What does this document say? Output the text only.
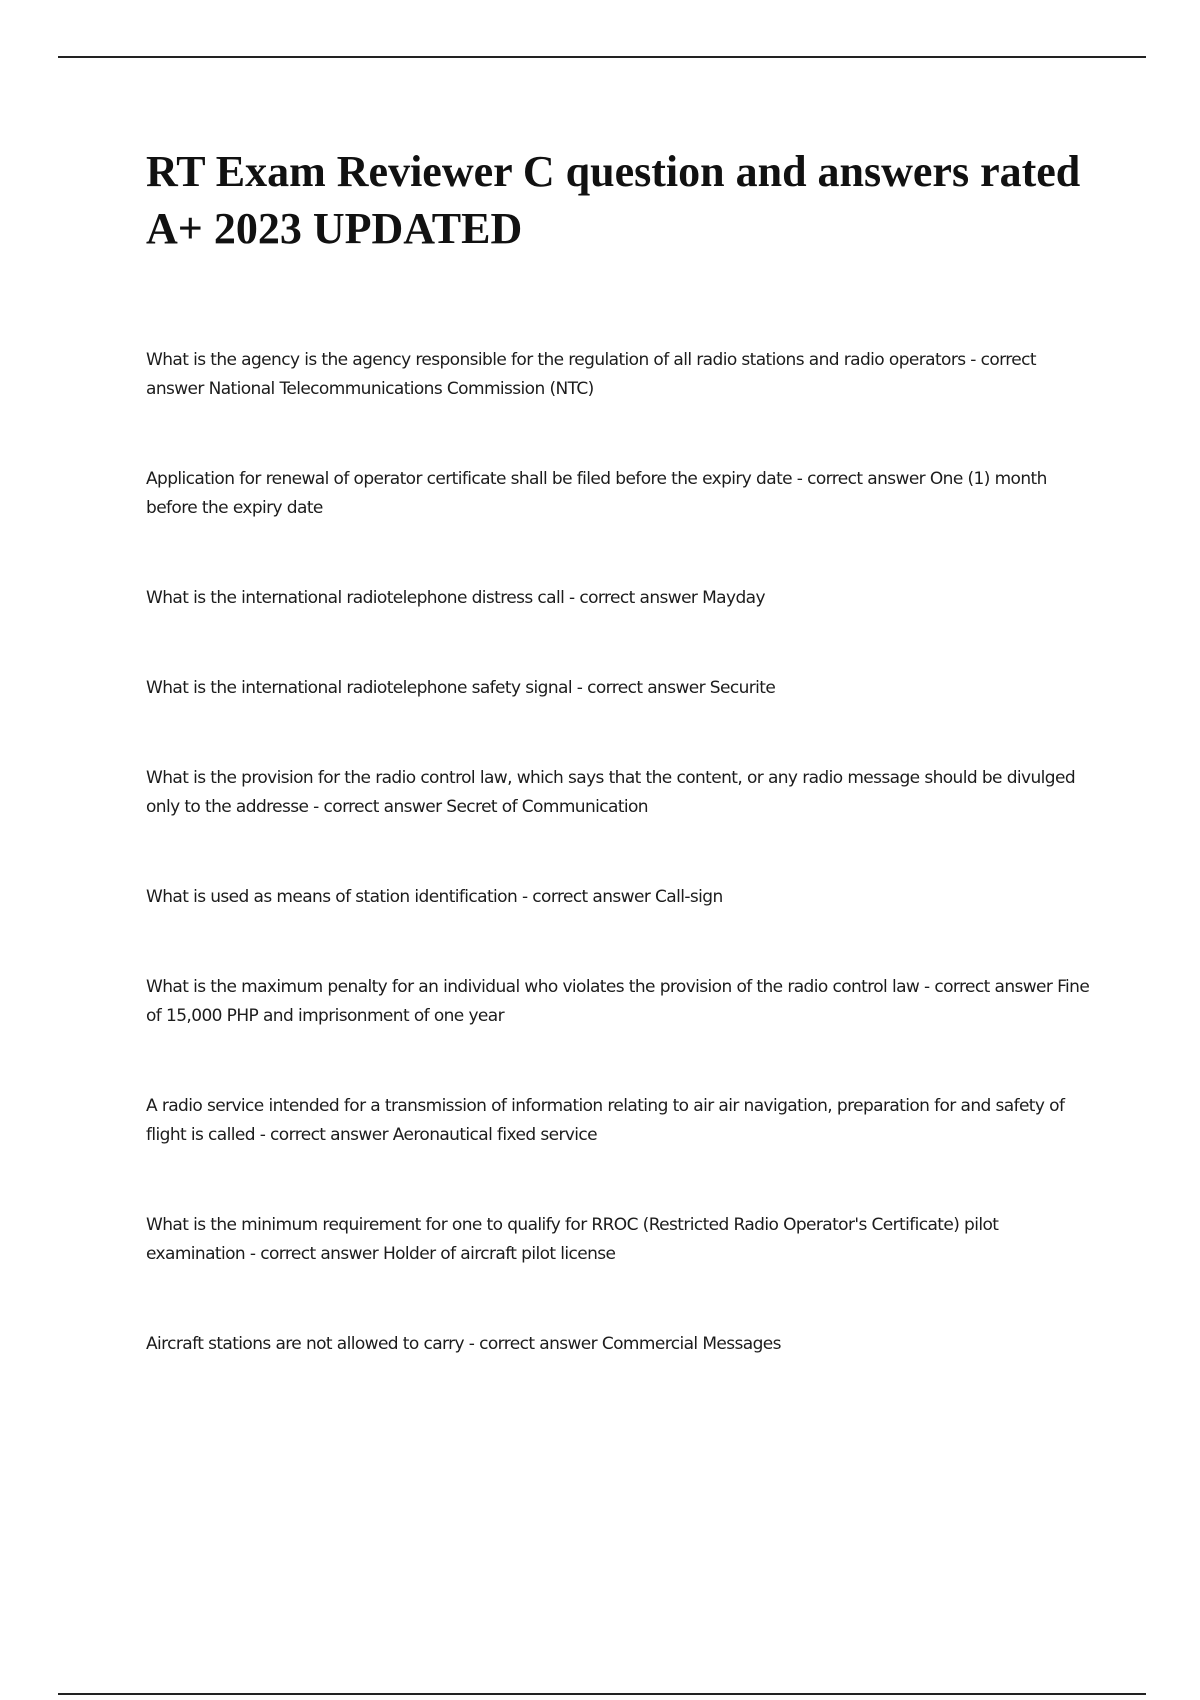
RT Exam Reviewer C question and answers rated A+ 2023 UPDATED
What is the agency is the agency responsible for the regulation of all radio stations and radio operators - correct answer National Telecommunications Commission (NTC)
Application for renewal of operator certificate shall be filed before the expiry date - correct answer One (1) month before the expiry date
What is the international radiotelephone distress call - correct answer Mayday
What is the international radiotelephone safety signal - correct answer Securite
What is the provision for the radio control law, which says that the content, or any radio message should be divulged only to the addresse - correct answer Secret of Communication
What is used as means of station identification - correct answer Call-sign
What is the maximum penalty for an individual who violates the provision of the radio control law - correct answer Fine of 15,000 PHP and imprisonment of one year
A radio service intended for a transmission of information relating to air air navigation, preparation for and safety of flight is called - correct answer Aeronautical fixed service
What is the minimum requirement for one to qualify for RROC (Restricted Radio Operator's Certificate) pilot examination - correct answer Holder of aircraft pilot license
Aircraft stations are not allowed to carry - correct answer Commercial Messages
